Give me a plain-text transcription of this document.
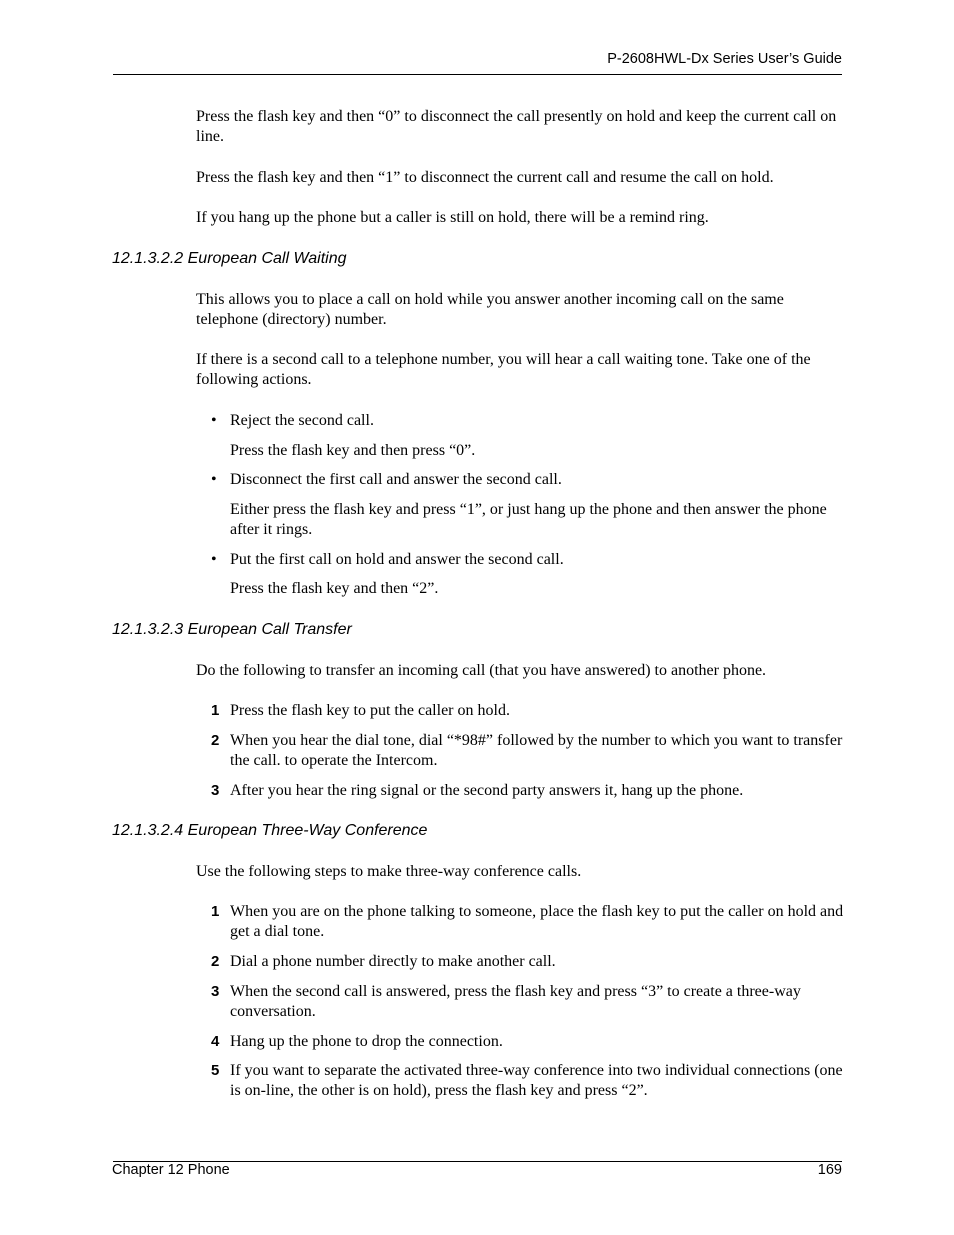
P-2608HWL-Dx Series User’s Guide
Press the flash key and then “0” to disconnect the call presently on hold and keep the current call on line.
Press the flash key and then “1” to disconnect the current call and resume the call on hold.
If you hang up the phone but a caller is still on hold, there will be a remind ring.
12.1.3.2.2 European Call Waiting
This allows you to place a call on hold while you answer another incoming call on the same telephone (directory) number.
If there is a second call to a telephone number, you will hear a call waiting tone. Take one of the following actions.
• Reject the second call.
Press the flash key and then press “0”.
• Disconnect the first call and answer the second call.
Either press the flash key and press “1”, or just hang up the phone and then answer the phone after it rings.
• Put the first call on hold and answer the second call.
Press the flash key and then “2”.
12.1.3.2.3 European Call Transfer
Do the following to transfer an incoming call (that you have answered) to another phone.
1 Press the flash key to put the caller on hold.
2 When you hear the dial tone, dial “*98#” followed by the number to which you want to transfer the call. to operate the Intercom.
3 After you hear the ring signal or the second party answers it, hang up the phone.
12.1.3.2.4 European Three-Way Conference
Use the following steps to make three-way conference calls.
1 When you are on the phone talking to someone, place the flash key to put the caller on hold and get a dial tone.
2 Dial a phone number directly to make another call.
3 When the second call is answered, press the flash key and press “3” to create a three-way conversation.
4 Hang up the phone to drop the connection.
5 If you want to separate the activated three-way conference into two individual connections (one is on-line, the other is on hold), press the flash key and press “2”.
Chapter 12 Phone	169
